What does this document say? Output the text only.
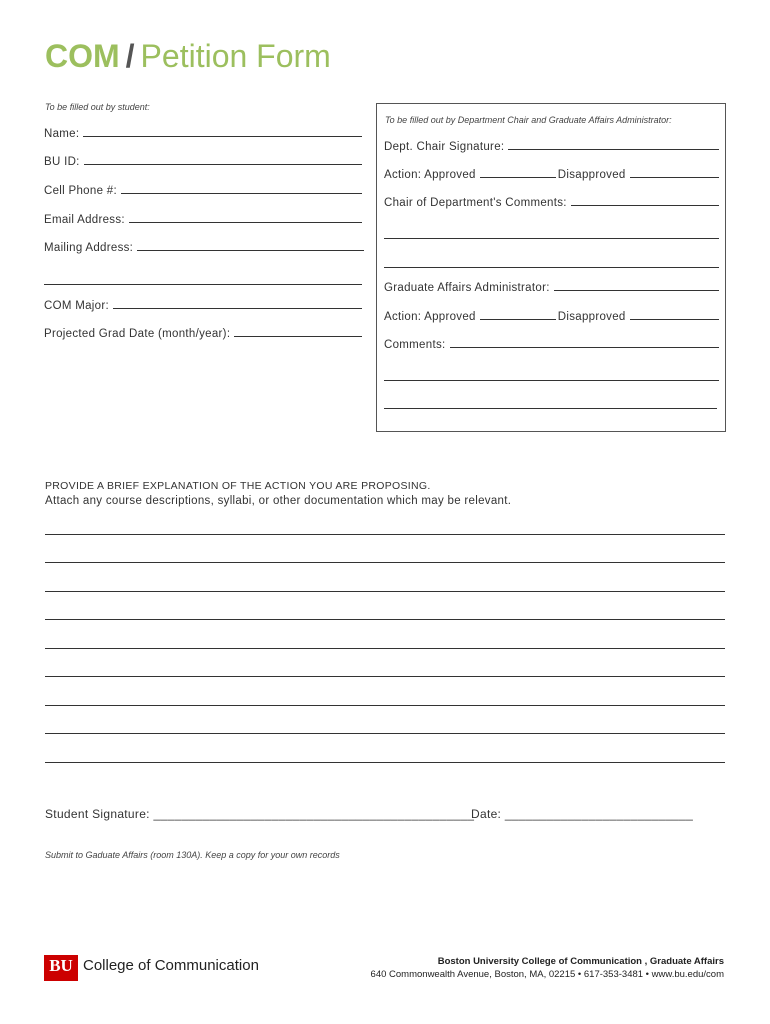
COM / Petition Form
To be filled out by student:
Name:
BU ID:
Cell Phone #:
Email Address:
Mailing Address:
COM Major:
Projected Grad Date (month/year):
To be filled out by Department Chair and Graduate Affairs Administrator:
Dept. Chair Signature:
Action: Approved	Disapproved
Chair of Department's Comments:
Graduate Affairs Administrator:
Action: Approved	Disapproved
Comments:
PROVIDE A BRIEF EXPLANATION OF THE ACTION YOU ARE PROPOSING.
Attach any course descriptions, syllabi, or other documentation which may be relevant.
Student Signature: ______________________________________________
Date: ___________________________
Submit to Gaduate Affairs (room 130A). Keep a copy for your own records
BU College of Communication	Boston University College of Communication , Graduate Affairs
640 Commonwealth Avenue, Boston, MA, 02215 • 617-353-3481 • www.bu.edu/com
